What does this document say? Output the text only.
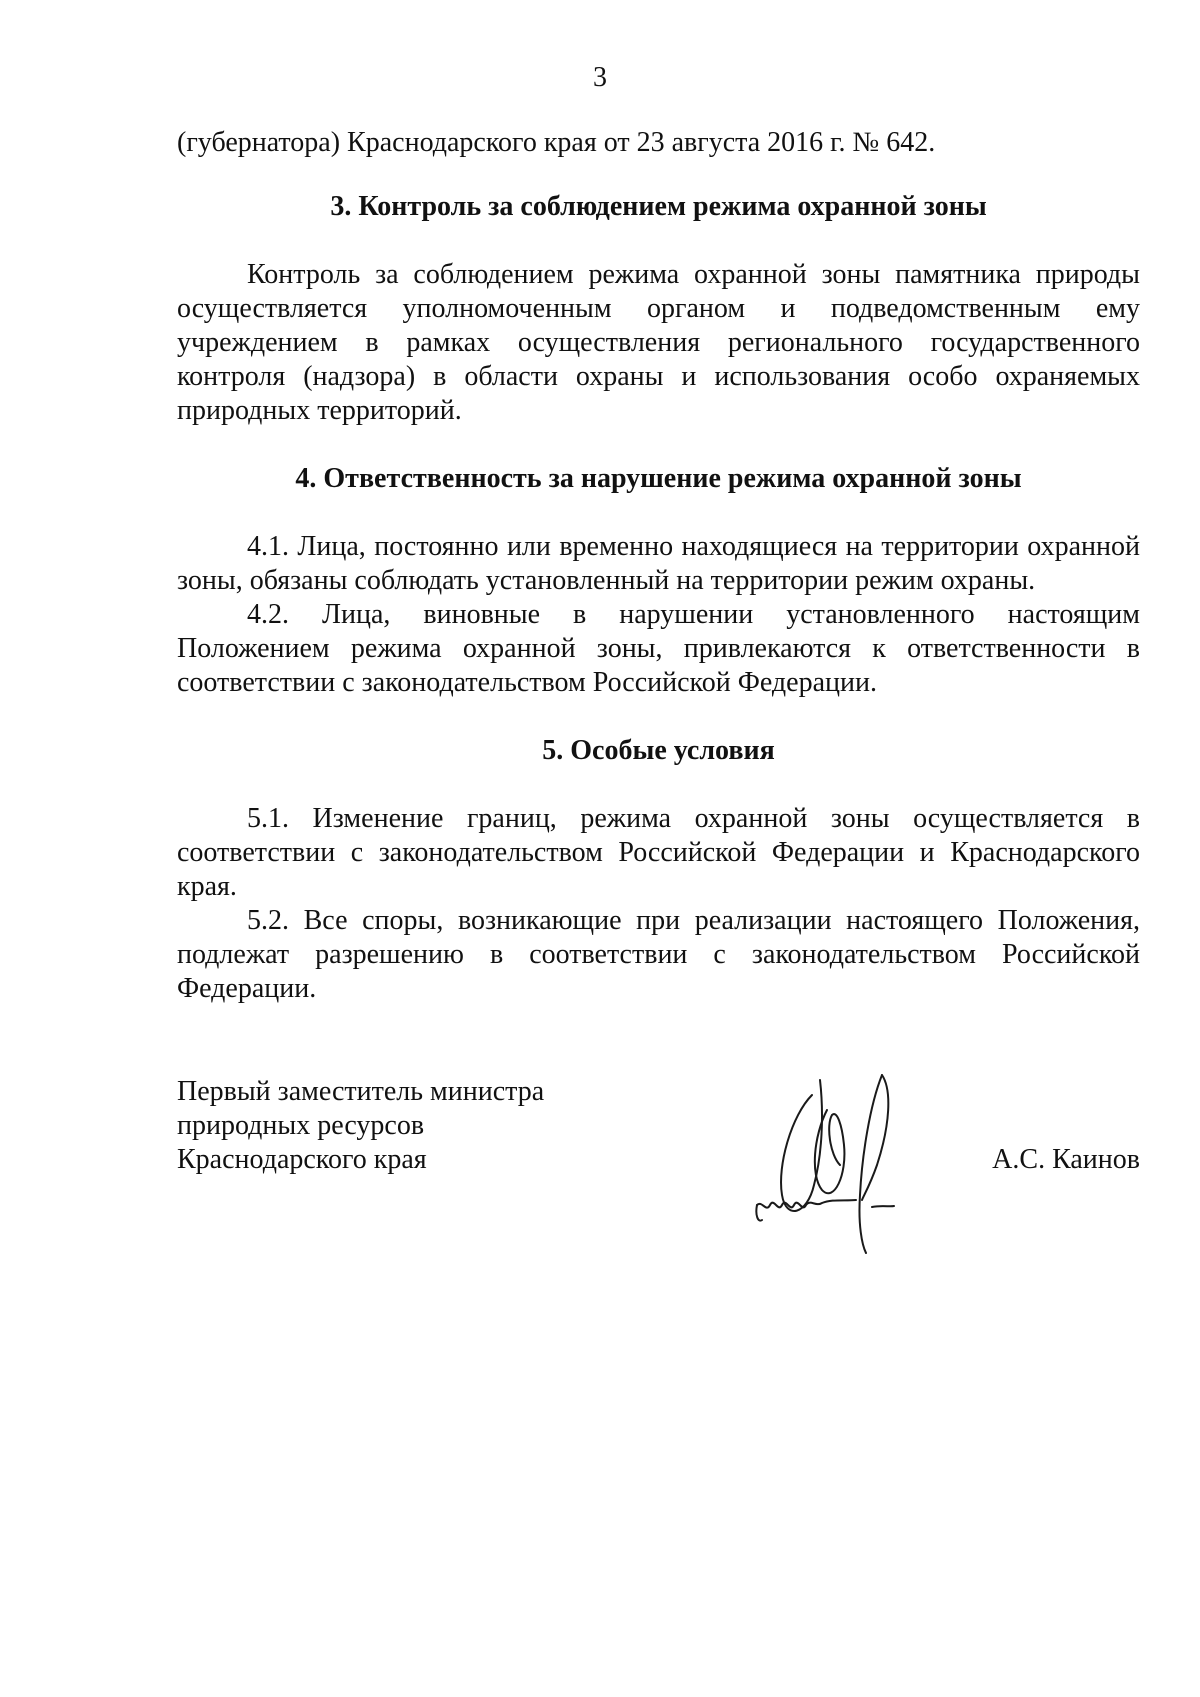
3

(губернатора) Краснодарского края от 23 августа 2016 г. № 642.

3. Контроль за соблюдением режима охранной зоны

Контроль за соблюдением режима охранной зоны памятника природы осуществляется уполномоченным органом и подведомственным ему учреждением в рамках осуществления регионального государственного контроля (надзора) в области охраны и использования особо охраняемых природных территорий.

4. Ответственность за нарушение режима охранной зоны

4.1. Лица, постоянно или временно находящиеся на территории охранной зоны, обязаны соблюдать установленный на территории режим охраны.

4.2. Лица, виновные в нарушении установленного настоящим Положением режима охранной зоны, привлекаются к ответственности в соответствии с законодательством Российской Федерации.

5. Особые условия

5.1. Изменение границ, режима охранной зоны осуществляется в соответствии с законодательством Российской Федерации и Краснодарского края.

5.2. Все споры, возникающие при реализации настоящего Положения, подлежат разрешению в соответствии с законодательством Российской Федерации.

Первый заместитель министра
природных ресурсов
Краснодарского края	А.С. Каинов
